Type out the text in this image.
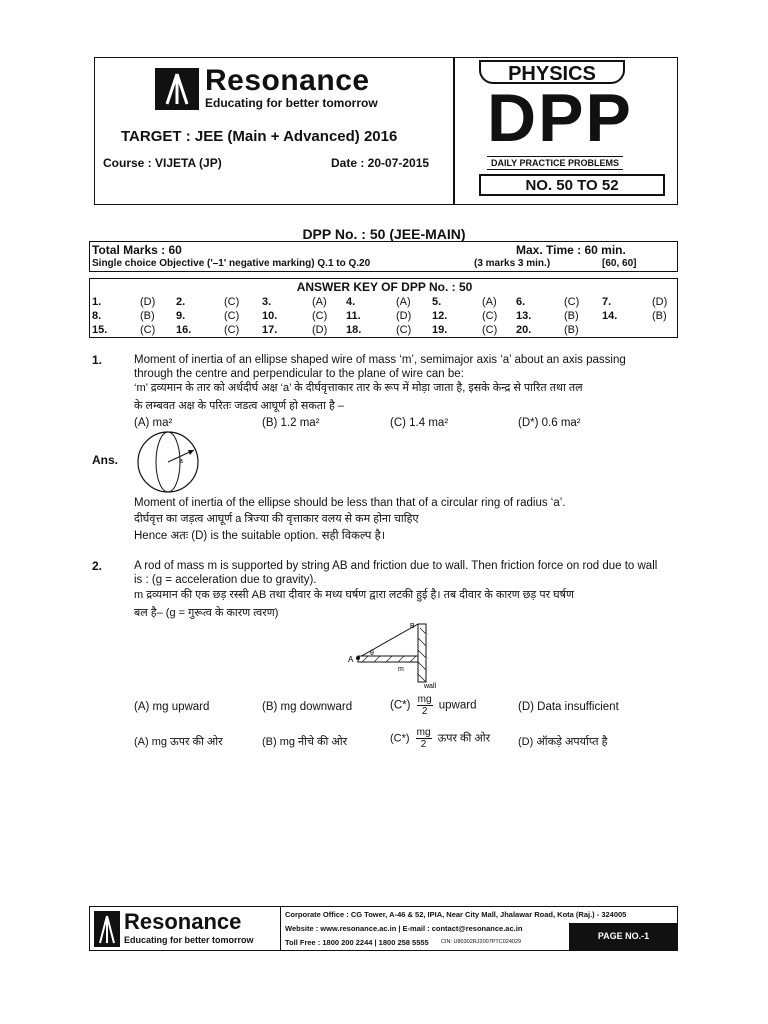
Resonance
Educating for better tomorrow
TARGET : JEE (Main + Advanced) 2016
Course : VIJETA (JP)	Date : 20-07-2015
PHYSICS
DPP
DAILY PRACTICE PROBLEMS
NO. 50 TO 52
DPP No. : 50 (JEE-MAIN)
Total Marks : 60	Max. Time : 60 min.
Single choice Objective ('–1' negative marking) Q.1 to Q.20	(3 marks 3 min.)	[60, 60]
ANSWER KEY OF DPP No. : 50
1.	(D) 2.	(C) 3.	(A) 4.	(A) 5.	(A) 6.	(C) 7.	(D)
8.	(B) 9.	(C) 10.	(C) 11.	(D) 12.	(C) 13.	(B) 14.	(B)
15.	(C) 16.	(C) 17.	(D) 18.	(C) 19.	(C) 20.	(B)
1.	Moment of inertia of an ellipse shaped wire of mass ‘m’, semimajor axis ‘a’ about an axis passing
through the centre and perpendicular to the plane of wire can be:
‘m’ द्रव्यमान के तार को अर्धदीर्घ अक्ष ‘a’ के दीर्घवृत्ताकार तार के रूप में मोड़ा जाता है, इसके केन्द्र से पारित तथा तल
के लम्बवत अक्ष के परितः जडत्व आघूर्ण हो सकता है –
(A) ma²	(B) 1.2 ma²	(C) 1.4 ma²	(D*) 0.6 ma²
Ans.	a
Moment of inertia of the ellipse should be less than that of a circular ring of radius ‘a’.
दीर्घवृत्त का जड़त्व आघूर्ण a त्रिज्या की वृत्ताकार वलय से कम होना चाहिए
Hence अतः (D) is the suitable option. सही विकल्प है।
2.	A rod of mass m is supported by string AB and friction due to wall. Then friction force on rod due to wall
is : (g = acceleration due to gravity).
m द्रव्यमान की एक छड़ रस्सी AB तथा दीवार के मध्य घर्षण द्वारा लटकी हुई है। तब दीवार के कारण छड़ पर घर्षण
बल है– (g = गुरूत्व के कारण त्वरण)
B
A
θ
m
wall
(A) mg upward	(B) mg downward	$(C*) \frac{mg}{2}$ upward	(D) Data insufficient
(A) mg ऊपर की ओर	(B) mg नीचे की ओर	$(C*) \frac{mg}{2}$ ऊपर की ओर	(D) ऑकड़े अपर्याप्त है
Resonance
Educating for better tomorrow
Corporate Office : CG Tower, A-46 & 52, IPIA, Near City Mall, Jhalawar Road, Kota (Raj.) - 324005
Website : www.resonance.ac.in | E-mail : contact@resonance.ac.in
Toll Free : 1800 200 2244 | 1800 258 5555 CIN: U80302RJ2007PTC024029
PAGE NO.-1
